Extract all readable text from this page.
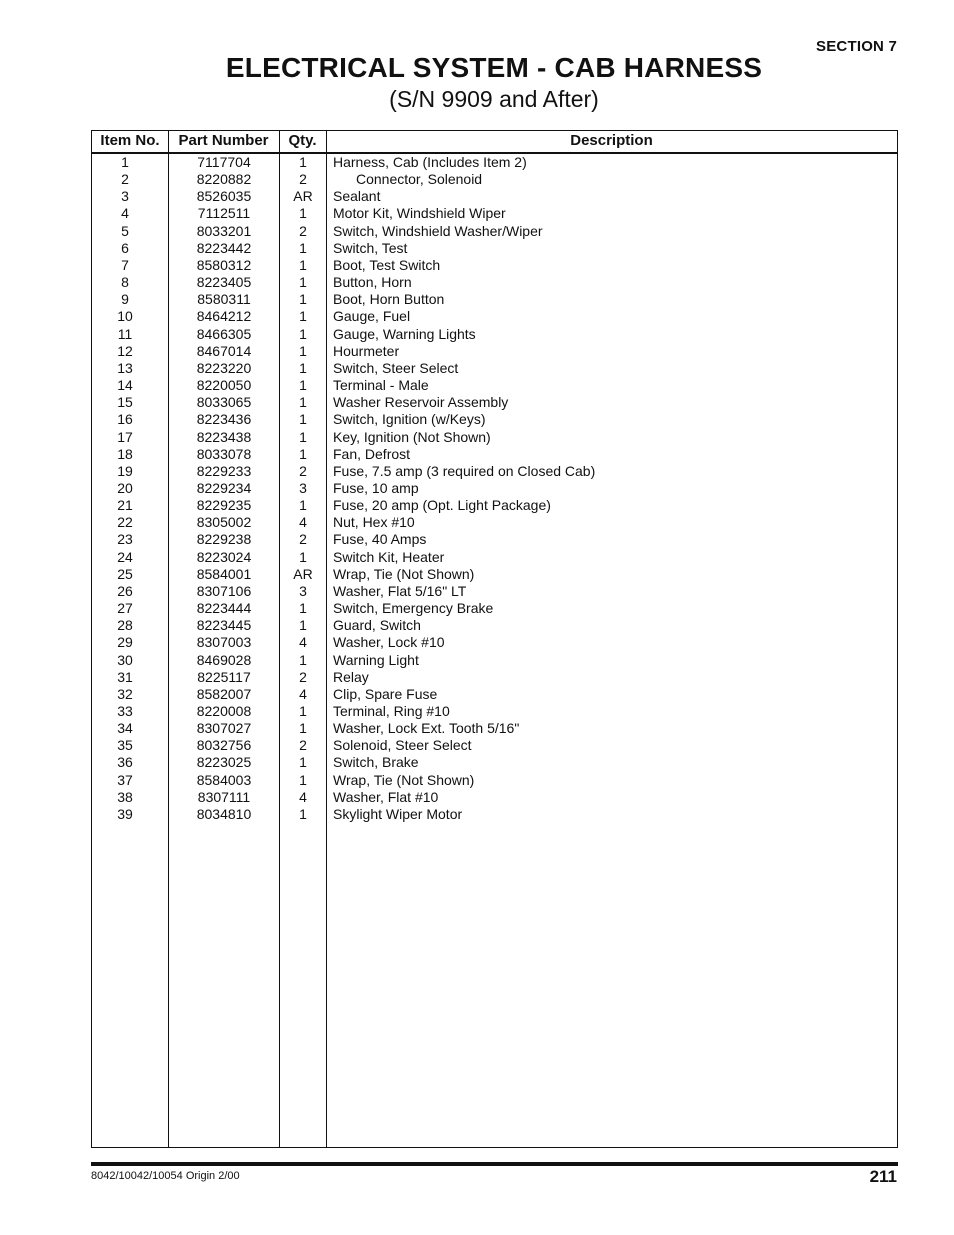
SECTION 7
ELECTRICAL SYSTEM - CAB HARNESS
(S/N 9909 and After)
Item No.	Part Number	Qty.	Description
1	7117704	1	Harness, Cab (Includes Item 2)
2	8220882	2	Connector, Solenoid
3	8526035	AR	Sealant
4	7112511	1	Motor Kit, Windshield Wiper
5	8033201	2	Switch, Windshield Washer/Wiper
6	8223442	1	Switch, Test
7	8580312	1	Boot, Test Switch
8	8223405	1	Button, Horn
9	8580311	1	Boot, Horn Button
10	8464212	1	Gauge, Fuel
11	8466305	1	Gauge, Warning Lights
12	8467014	1	Hourmeter
13	8223220	1	Switch, Steer Select
14	8220050	1	Terminal - Male
15	8033065	1	Washer Reservoir Assembly
16	8223436	1	Switch, Ignition (w/Keys)
17	8223438	1	Key, Ignition (Not Shown)
18	8033078	1	Fan, Defrost
19	8229233	2	Fuse, 7.5 amp (3 required on Closed Cab)
20	8229234	3	Fuse, 10 amp
21	8229235	1	Fuse, 20 amp (Opt. Light Package)
22	8305002	4	Nut, Hex #10
23	8229238	2	Fuse, 40 Amps
24	8223024	1	Switch Kit, Heater
25	8584001	AR	Wrap, Tie (Not Shown)
26	8307106	3	Washer, Flat 5/16" LT
27	8223444	1	Switch, Emergency Brake
28	8223445	1	Guard, Switch
29	8307003	4	Washer, Lock #10
30	8469028	1	Warning Light
31	8225117	2	Relay
32	8582007	4	Clip, Spare Fuse
33	8220008	1	Terminal, Ring #10
34	8307027	1	Washer, Lock Ext. Tooth 5/16"
35	8032756	2	Solenoid, Steer Select
36	8223025	1	Switch, Brake
37	8584003	1	Wrap, Tie (Not Shown)
38	8307111	4	Washer, Flat #10
39	8034810	1	Skylight Wiper Motor
8042/10042/10054 Origin 2/00	211
